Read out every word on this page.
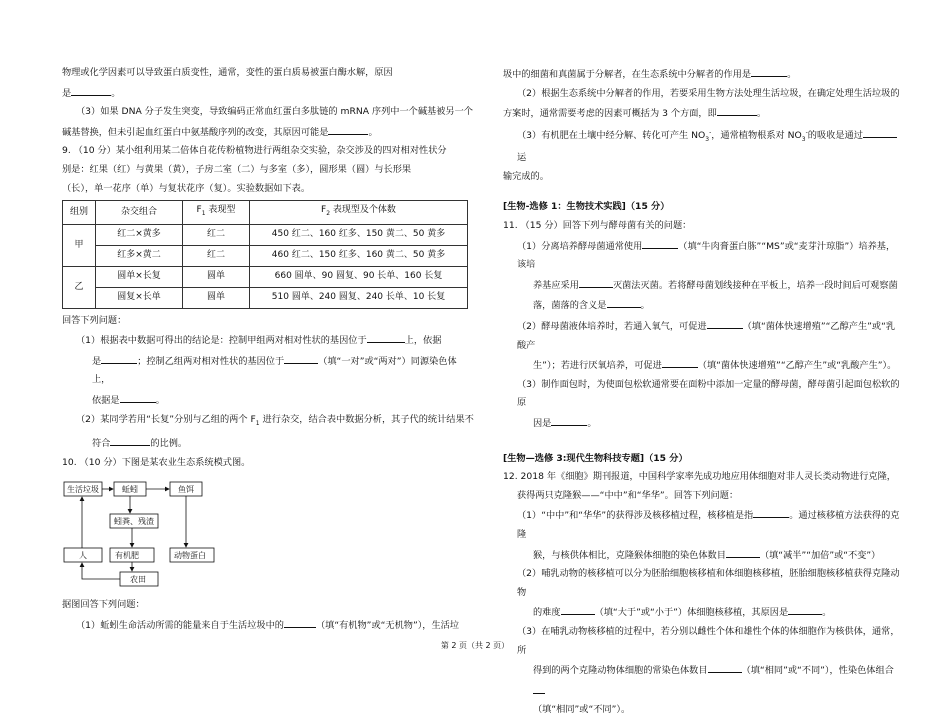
物理或化学因素可以导致蛋白质变性，通常，变性的蛋白质易被蛋白酶水解，原因

是	。

（3）如果 DNA 分子发生突变，导致编码正常血红蛋白多肽链的 mRNA 序列中一个碱基被另一个

碱基替换，但未引起血红蛋白中氨基酸序列的改变，其原因可能是	。

9. （10 分）某小组利用某二倍体自花传粉植物进行两组杂交实验，杂交涉及的四对相对性状分

别是：红果（红）与黄果（黄），子房二室（二）与多室（多），圆形果（圆）与长形果

（长），单一花序（单）与复状花序（复）。实验数据如下表。

组别	杂交组合	$F_1$ 表现型	$F_2$ 表现型及个体数
甲	红二×黄多	红二	450 红二、160 红多、150 黄二、50 黄多
	红多×黄二	红二	460 红二、150 红多、160 黄二、50 黄多
乙	圆单×长复	圆单	660 圆单、90 圆复、90 长单、160 长复
	圆复×长单	圆单	510 圆单、240 圆复、240 长单、10 长复

回答下列问题：

（1）根据表中数据可得出的结论是：控制甲组两对相对性状的基因位于	上，依据

是	；控制乙组两对相对性状的基因位于	（填“一对”或“两对”）同源染色体上，

依据是	。

（2）某同学若用“长复”分别与乙组的两个 $F_1$ 进行杂交，结合表中数据分析，其子代的统计结果不

符合	的比例。

10. （10 分）下图是某农业生态系统模式图。

生活垃圾	蚯蚓	鱼饵
蚓粪、残渣
人	有机肥	动物蛋白
农田

据图回答下列问题：

（1）蚯蚓生命活动所需的能量来自于生活垃圾中的	（填“有机物”或“无机物”），生活垃

圾中的细菌和真菌属于分解者，在生态系统中分解者的作用是	。

（2）根据生态系统中分解者的作用，若要采用生物方法处理生活垃圾，在确定处理生活垃圾的

方案时，通常需要考虑的因素可概括为 3 个方面，即	。

（3）有机肥在土壤中经分解、转化可产生 $NO_3^-$，通常植物根系对 $NO_3^-$的吸收是通过运

输完成的。

[生物-选修 1：生物技术实践]（15 分）

11. （15 分）回答下列与酵母菌有关的问题：

（1）分离培养酵母菌通常使用	（填“牛肉膏蛋白胨”“MS”或“麦芽汁琼脂”）培养基，该培

养基应采用	灭菌法灭菌。若将酵母菌划线接种在平板上，培养一段时间后可观察菌

落，菌落的含义是	。

（2）酵母菌液体培养时，若通入氧气，可促进	（填“菌体快速增殖”“乙醇产生”或“乳酸产

生”）；若进行厌氧培养，可促进	（填“菌体快速增殖”“乙醇产生”或“乳酸产生”）。

（3）制作面包时，为使面包松软通常要在面粉中添加一定量的酵母菌，酵母菌引起面包松软的原

因是	。

[生物—选修 3:现代生物科技专题]（15 分）

12. 2018 年《细胞》期刊报道，中国科学家率先成功地应用体细胞对非人灵长类动物进行克隆，

获得两只克隆猴——“中中”和“华华”。回答下列问题：

（1）“中中”和“华华”的获得涉及核移植过程，核移植是指	。通过核移植方法获得的克隆

猴，与核供体相比，克隆猴体细胞的染色体数目	（填“减半”“加倍”或“不变”）

（2）哺乳动物的核移植可以分为胚胎细胞核移植和体细胞核移植，胚胎细胞核移植获得克隆动物

的难度	（填“大于”或“小于”）体细胞核移植，其原因是	。

（3）在哺乳动物核移植的过程中，若分别以雌性个体和雄性个体的体细胞作为核供体，通常，所

得到的两个克隆动物体细胞的常染色体数目	（填“相同”或“不同”），性染色体组合

（填“相同”或“不同”）。

第 2 页（共 2 页）
